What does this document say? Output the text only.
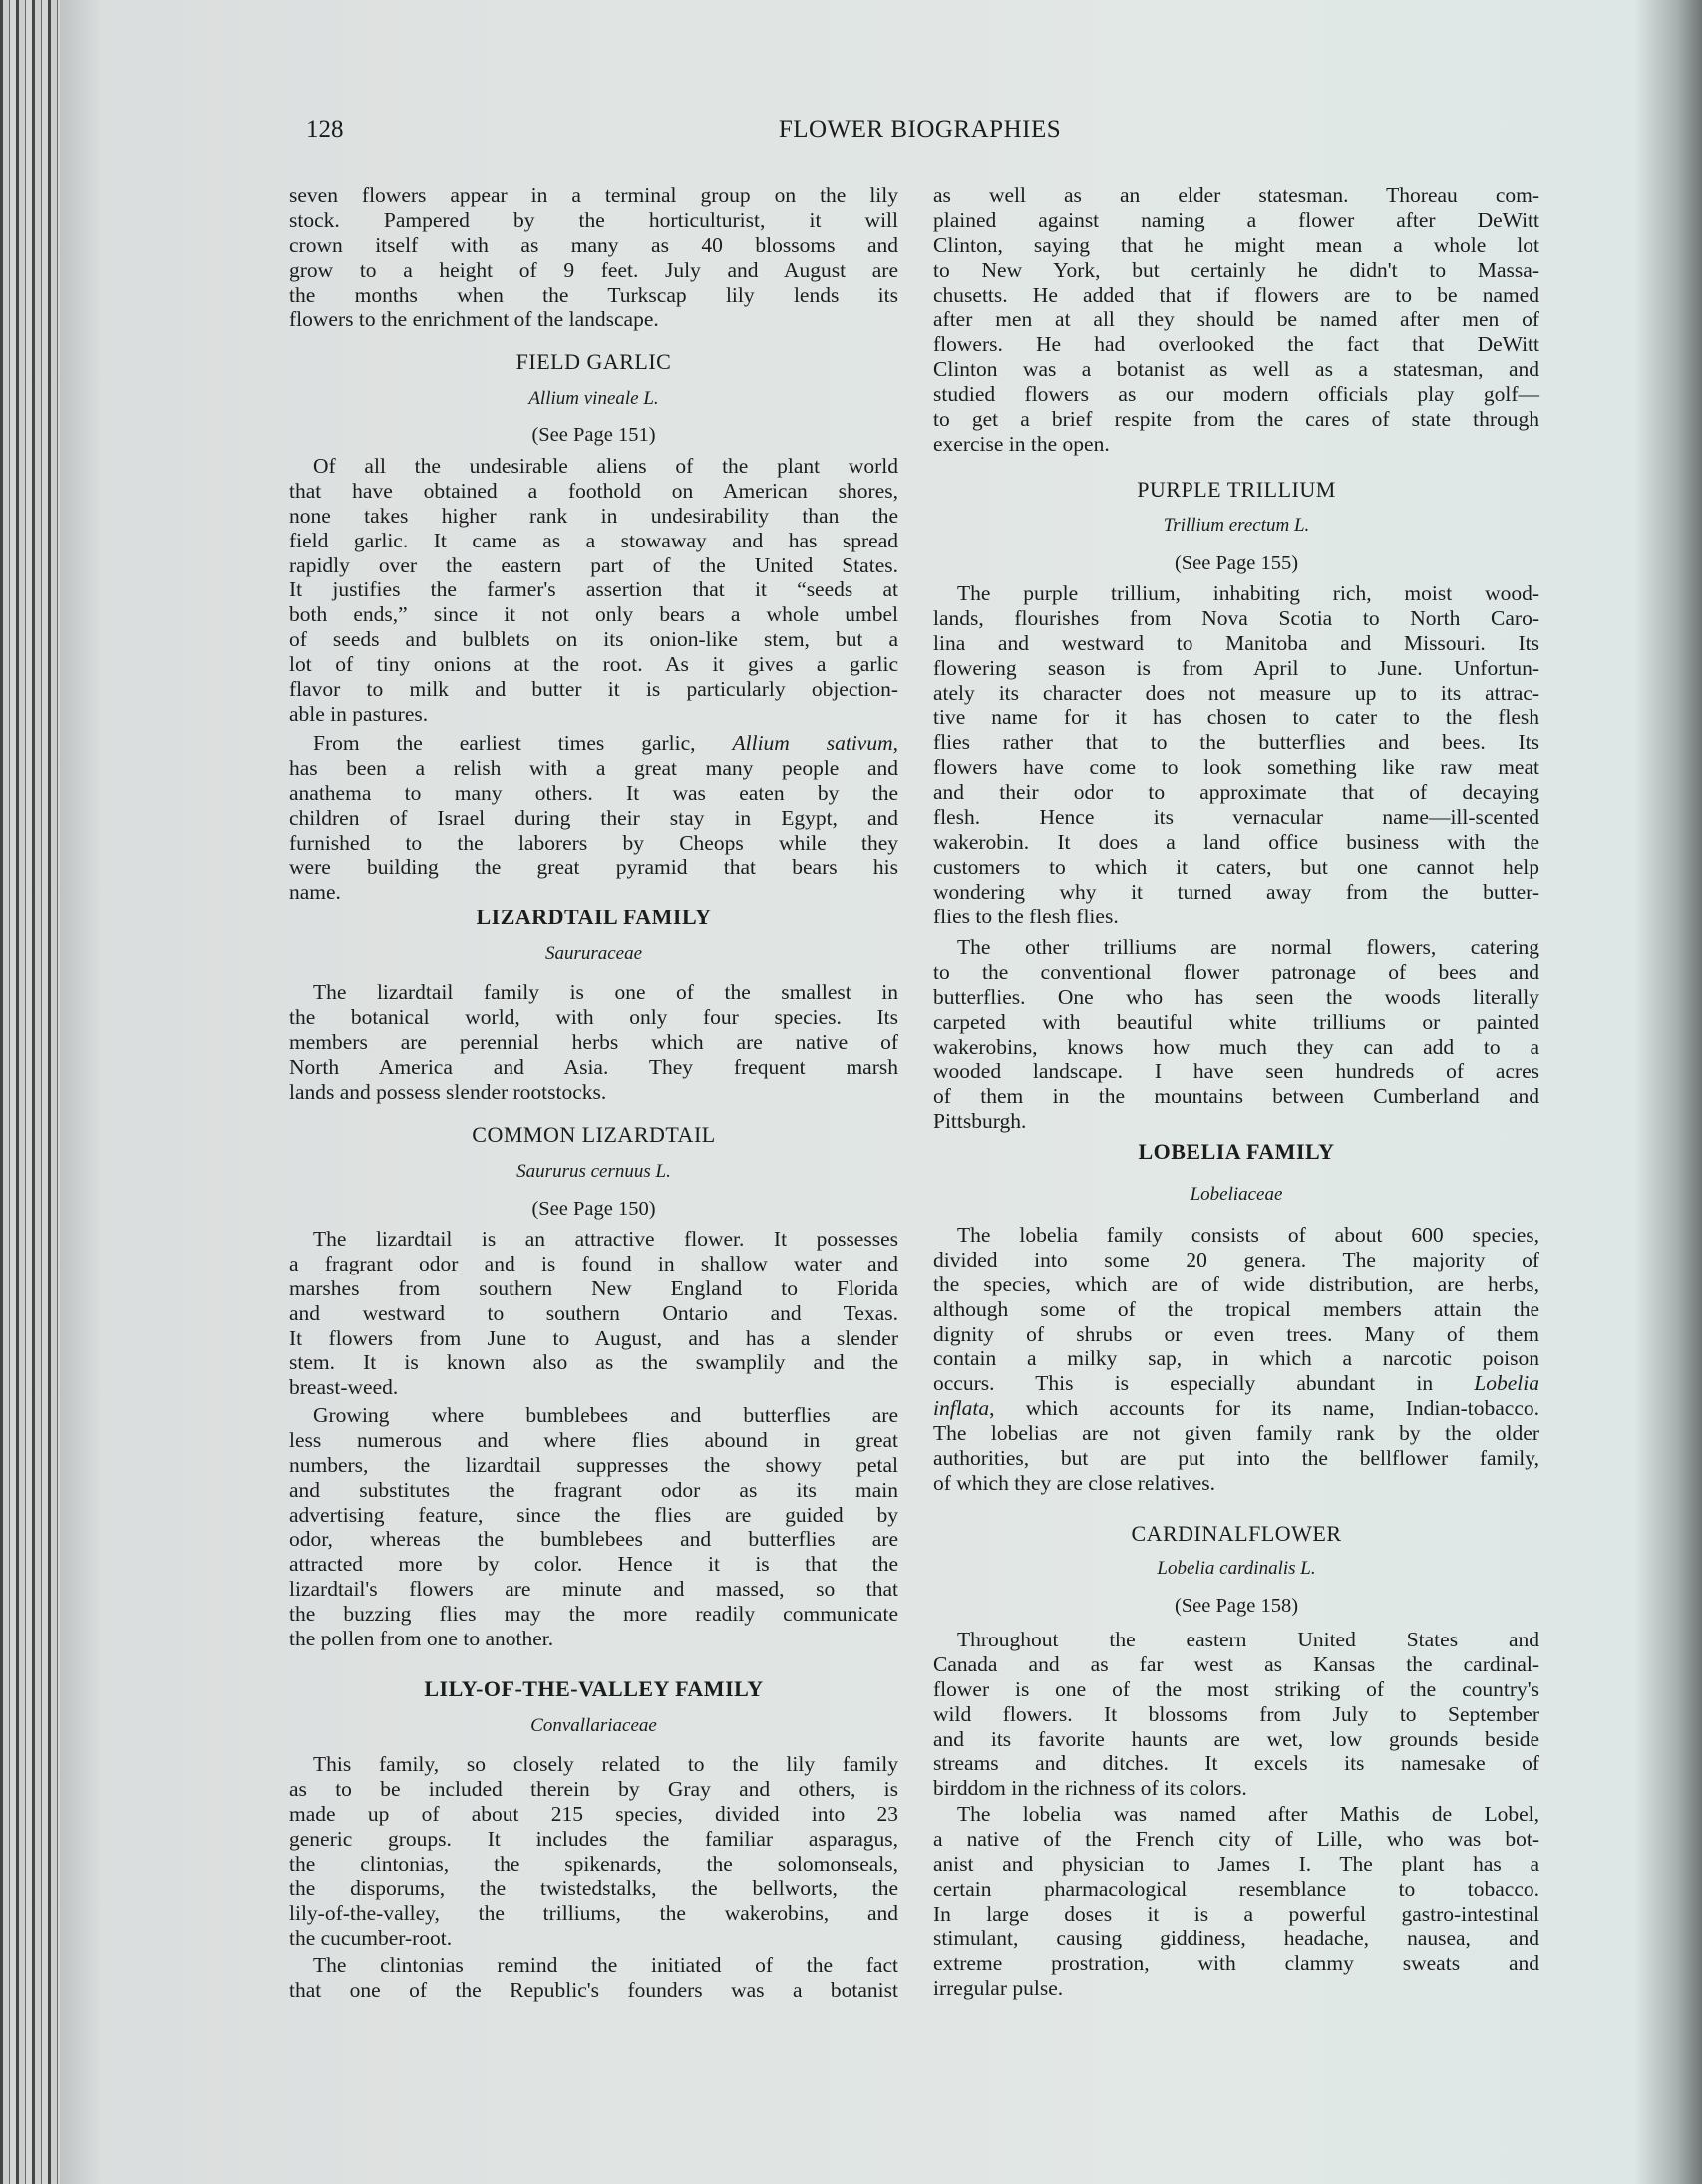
128	FLOWER BIOGRAPHIES
seven flowers appear in a terminal group on the lily
stock. Pampered by the horticulturist, it will
crown itself with as many as 40 blossoms and
grow to a height of 9 feet. July and August are
the months when the Turkscap lily lends its
flowers to the enrichment of the landscape.
FIELD GARLIC
Allium vineale L.
(See Page 151)
Of all the undesirable aliens of the plant world
that have obtained a foothold on American shores,
none takes higher rank in undesirability than the
field garlic. It came as a stowaway and has spread
rapidly over the eastern part of the United States.
It justifies the farmer's assertion that it “seeds at
both ends,” since it not only bears a whole umbel
of seeds and bulblets on its onion-like stem, but a
lot of tiny onions at the root. As it gives a garlic
flavor to milk and butter it is particularly objection-
able in pastures.
From the earliest times garlic, Allium sativum,
has been a relish with a great many people and
anathema to many others. It was eaten by the
children of Israel during their stay in Egypt, and
furnished to the laborers by Cheops while they
were building the great pyramid that bears his
name.
LIZARDTAIL FAMILY
Saururaceae
The lizardtail family is one of the smallest in
the botanical world, with only four species. Its
members are perennial herbs which are native of
North America and Asia. They frequent marsh
lands and possess slender rootstocks.
COMMON LIZARDTAIL
Saururus cernuus L.
(See Page 150)
The lizardtail is an attractive flower. It possesses
a fragrant odor and is found in shallow water and
marshes from southern New England to Florida
and westward to southern Ontario and Texas.
It flowers from June to August, and has a slender
stem. It is known also as the swamplily and the
breast-weed.
Growing where bumblebees and butterflies are
less numerous and where flies abound in great
numbers, the lizardtail suppresses the showy petal
and substitutes the fragrant odor as its main
advertising feature, since the flies are guided by
odor, whereas the bumblebees and butterflies are
attracted more by color. Hence it is that the
lizardtail's flowers are minute and massed, so that
the buzzing flies may the more readily communicate
the pollen from one to another.
LILY-OF-THE-VALLEY FAMILY
Convallariaceae
This family, so closely related to the lily family
as to be included therein by Gray and others, is
made up of about 215 species, divided into 23
generic groups. It includes the familiar asparagus,
the clintonias, the spikenards, the solomonseals,
the disporums, the twistedstalks, the bellworts, the
lily-of-the-valley, the trilliums, the wakerobins, and
the cucumber-root.
The clintonias remind the initiated of the fact
that one of the Republic's founders was a botanist
as well as an elder statesman. Thoreau com-
plained against naming a flower after DeWitt
Clinton, saying that he might mean a whole lot
to New York, but certainly he didn't to Massa-
chusetts. He added that if flowers are to be named
after men at all they should be named after men of
flowers. He had overlooked the fact that DeWitt
Clinton was a botanist as well as a statesman, and
studied flowers as our modern officials play golf—
to get a brief respite from the cares of state through
exercise in the open.
PURPLE TRILLIUM
Trillium erectum L.
(See Page 155)
The purple trillium, inhabiting rich, moist wood-
lands, flourishes from Nova Scotia to North Caro-
lina and westward to Manitoba and Missouri. Its
flowering season is from April to June. Unfortun-
ately its character does not measure up to its attrac-
tive name for it has chosen to cater to the flesh
flies rather that to the butterflies and bees. Its
flowers have come to look something like raw meat
and their odor to approximate that of decaying
flesh. Hence its vernacular name—ill-scented
wakerobin. It does a land office business with the
customers to which it caters, but one cannot help
wondering why it turned away from the butter-
flies to the flesh flies.
The other trilliums are normal flowers, catering
to the conventional flower patronage of bees and
butterflies. One who has seen the woods literally
carpeted with beautiful white trilliums or painted
wakerobins, knows how much they can add to a
wooded landscape. I have seen hundreds of acres
of them in the mountains between Cumberland and
Pittsburgh.
LOBELIA FAMILY
Lobeliaceae
The lobelia family consists of about 600 species,
divided into some 20 genera. The majority of
the species, which are of wide distribution, are herbs,
although some of the tropical members attain the
dignity of shrubs or even trees. Many of them
contain a milky sap, in which a narcotic poison
occurs. This is especially abundant in Lobelia
inflata, which accounts for its name, Indian-tobacco.
The lobelias are not given family rank by the older
authorities, but are put into the bellflower family,
of which they are close relatives.
CARDINALFLOWER
Lobelia cardinalis L.
(See Page 158)
Throughout the eastern United States and
Canada and as far west as Kansas the cardinal-
flower is one of the most striking of the country's
wild flowers. It blossoms from July to September
and its favorite haunts are wet, low grounds beside
streams and ditches. It excels its namesake of
birddom in the richness of its colors.
The lobelia was named after Mathis de Lobel,
a native of the French city of Lille, who was bot-
anist and physician to James I. The plant has a
certain pharmacological resemblance to tobacco.
In large doses it is a powerful gastro-intestinal
stimulant, causing giddiness, headache, nausea, and
extreme prostration, with clammy sweats and
irregular pulse.
